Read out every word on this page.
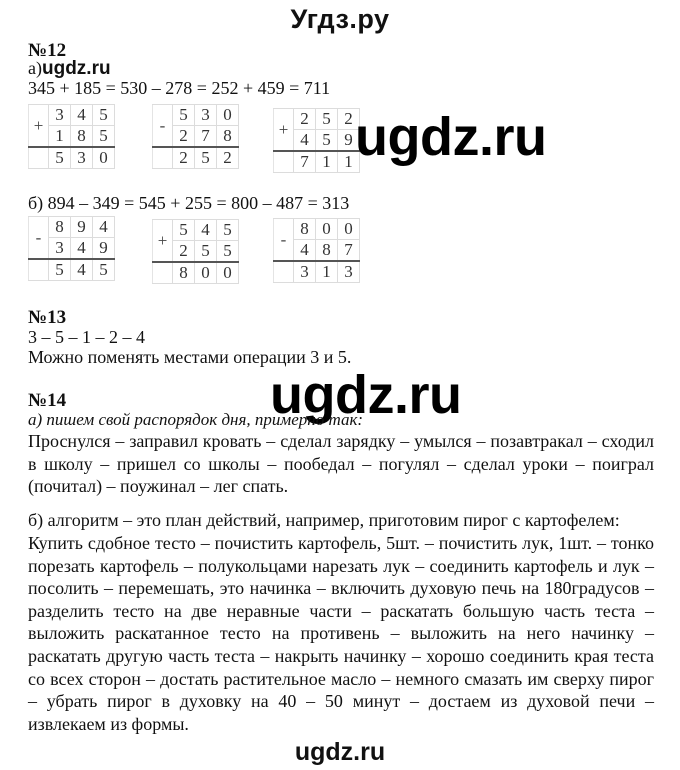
Угдз.ру
№12
а)ugdz.ru
345 + 185 = 530 – 278 = 252 + 459 = 711
+	3	4	5
	1	8	5
	5	3	0
-	5	3	0
	2	7	8
	2	5	2
+	2	5	2
	4	5	9
	7	1	1 ugdz.ru
б) 894 – 349 = 545 + 255 = 800 – 487 = 313
-	8	9	4
	3	4	9
	5	4	5
+	5	4	5
	2	5	5
	8	0	0
-	8	0	0
	4	8	7
	3	1	3
№13
3 – 5 – 1 – 2 – 4
Можно поменять местами операции 3 и 5.
ugdz.ru
№14
а) пишем свой распорядок дня, примерно так:
Проснулся – заправил кровать – сделал зарядку – умылся – позавтракал – сходил в школу – пришел со школы – пообедал – погулял – сделал уроки – поиграл (почитал) – поужинал – лег спать.
б) алгоритм – это план действий, например, приготовим пирог с картофелем:
Купить сдобное тесто – почистить картофель, 5шт. – почистить лук, 1шт. – тонко порезать картофель – полукольцами нарезать лук – соединить картофель и лук – посолить – перемешать, это начинка – включить духовую печь на 180градусов – разделить тесто на две неравные части – раскатать большую часть теста – выложить раскатанное тесто на противень – выложить на него начинку – раскатать другую часть теста – накрыть начинку – хорошо соединить края теста со всех сторон – достать растительное масло – немного смазать им сверху пирог – убрать пирог в духовку на 40 – 50 минут – достаем из духовой печи – извлекаем из формы.
ugdz.ru
